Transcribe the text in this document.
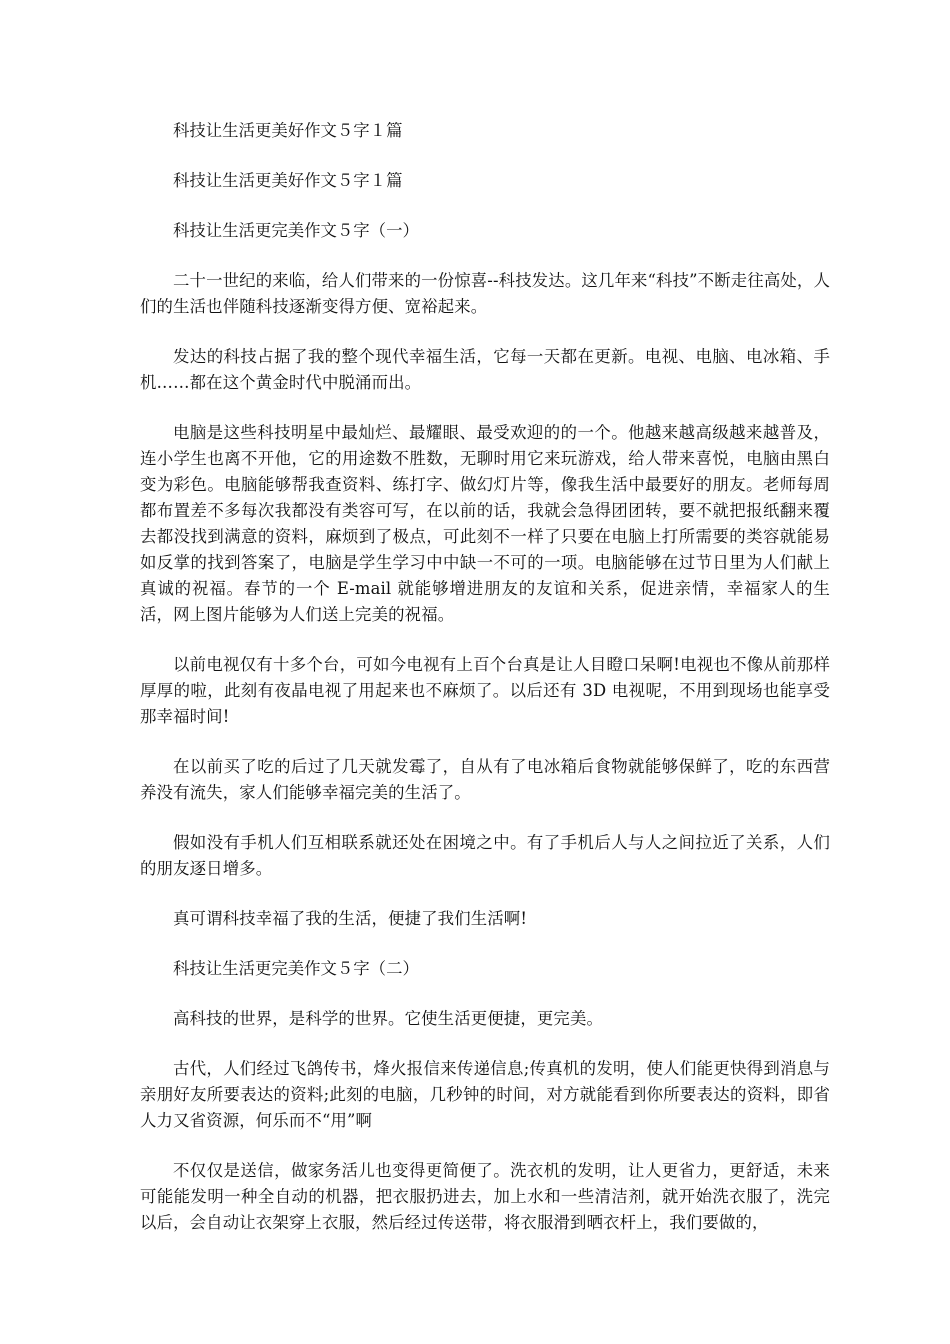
科技让生活更美好作文５字１篇

科技让生活更美好作文５字１篇

科技让生活更完美作文５字（一）

二十一世纪的来临，给人们带来的一份惊喜--科技发达。这几年来“科技”不断走往高处，人们的生活也伴随科技逐渐变得方便、宽裕起来。

发达的科技占据了我的整个现代幸福生活，它每一天都在更新。电视、电脑、电冰箱、手机……都在这个黄金时代中脱涌而出。

电脑是这些科技明星中最灿烂、最耀眼、最受欢迎的的一个。他越来越高级越来越普及，连小学生也离不开他，它的用途数不胜数，无聊时用它来玩游戏，给人带来喜悦，电脑由黑白变为彩色。电脑能够帮我查资料、练打字、做幻灯片等，像我生活中最要好的朋友。老师每周都布置差不多每次我都没有类容可写，在以前的话，我就会急得团团转，要不就把报纸翻来覆去都没找到满意的资料，麻烦到了极点，可此刻不一样了只要在电脑上打所需要的类容就能易如反掌的找到答案了，电脑是学生学习中中缺一不可的一项。电脑能够在过节日里为人们献上真诚的祝福。春节的一个 E-mail 就能够增进朋友的友谊和关系，促进亲情，幸福家人的生活，网上图片能够为人们送上完美的祝福。

以前电视仅有十多个台，可如今电视有上百个台真是让人目瞪口呆啊!电视也不像从前那样厚厚的啦，此刻有夜晶电视了用起来也不麻烦了。以后还有 3D 电视呢，不用到现场也能享受那幸福时间!

在以前买了吃的后过了几天就发霉了，自从有了电冰箱后食物就能够保鲜了，吃的东西营养没有流失，家人们能够幸福完美的生活了。

假如没有手机人们互相联系就还处在困境之中。有了手机后人与人之间拉近了关系，人们的朋友逐日增多。

真可谓科技幸福了我的生活，便捷了我们生活啊!

科技让生活更完美作文５字（二）

高科技的世界，是科学的世界。它使生活更便捷，更完美。

古代，人们经过飞鸽传书，烽火报信来传递信息;传真机的发明，使人们能更快得到消息与亲朋好友所要表达的资料;此刻的电脑，几秒钟的时间，对方就能看到你所要表达的资料，即省人力又省资源，何乐而不“用”啊

不仅仅是送信，做家务活儿也变得更简便了。洗衣机的发明，让人更省力，更舒适，未来可能能发明一种全自动的机器，把衣服扔进去，加上水和一些清洁剂，就开始洗衣服了，洗完以后，会自动让衣架穿上衣服，然后经过传送带，将衣服滑到晒衣杆上，我们要做的，
